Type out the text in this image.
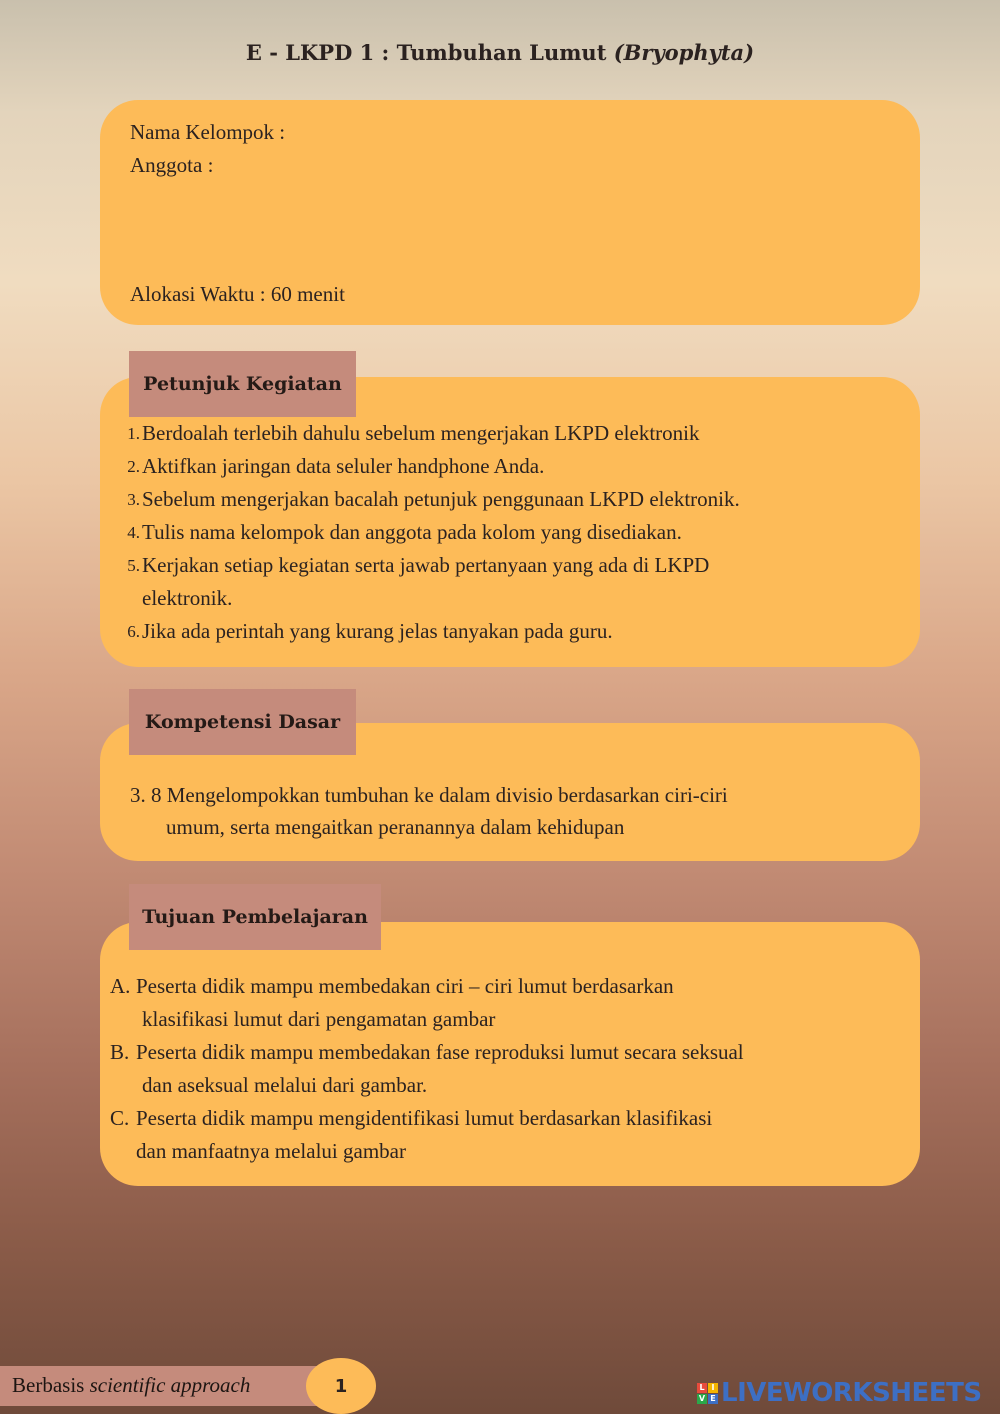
E - LKPD 1 : Tumbuhan Lumut (Bryophyta)
Nama Kelompok :
Anggota :
Alokasi Waktu : 60 menit
1. Berdoalah terlebih dahulu sebelum mengerjakan LKPD elektronik
2. Aktifkan jaringan data seluler handphone Anda.
3. Sebelum mengerjakan bacalah petunjuk penggunaan LKPD elektronik.
4. Tulis nama kelompok dan anggota pada kolom yang disediakan.
5. Kerjakan setiap kegiatan serta jawab pertanyaan yang ada di LKPD
elektronik.
6. Jika ada perintah yang kurang jelas tanyakan pada guru.
Petunjuk Kegiatan
3. 8 Mengelompokkan tumbuhan ke dalam divisio berdasarkan ciri-ciri
umum, serta mengaitkan peranannya dalam kehidupan
Kompetensi Dasar
A. Peserta didik mampu membedakan ciri – ciri lumut berdasarkan
klasifikasi lumut dari pengamatan gambar
B. Peserta didik mampu membedakan fase reproduksi lumut secara seksual
dan aseksual melalui dari gambar.
C. Peserta didik mampu mengidentifikasi lumut berdasarkan klasifikasi
dan manfaatnya melalui gambar
Tujuan Pembelajaran
Berbasis scientific approach	1	L I
V E LIVEWORKSHEETS
